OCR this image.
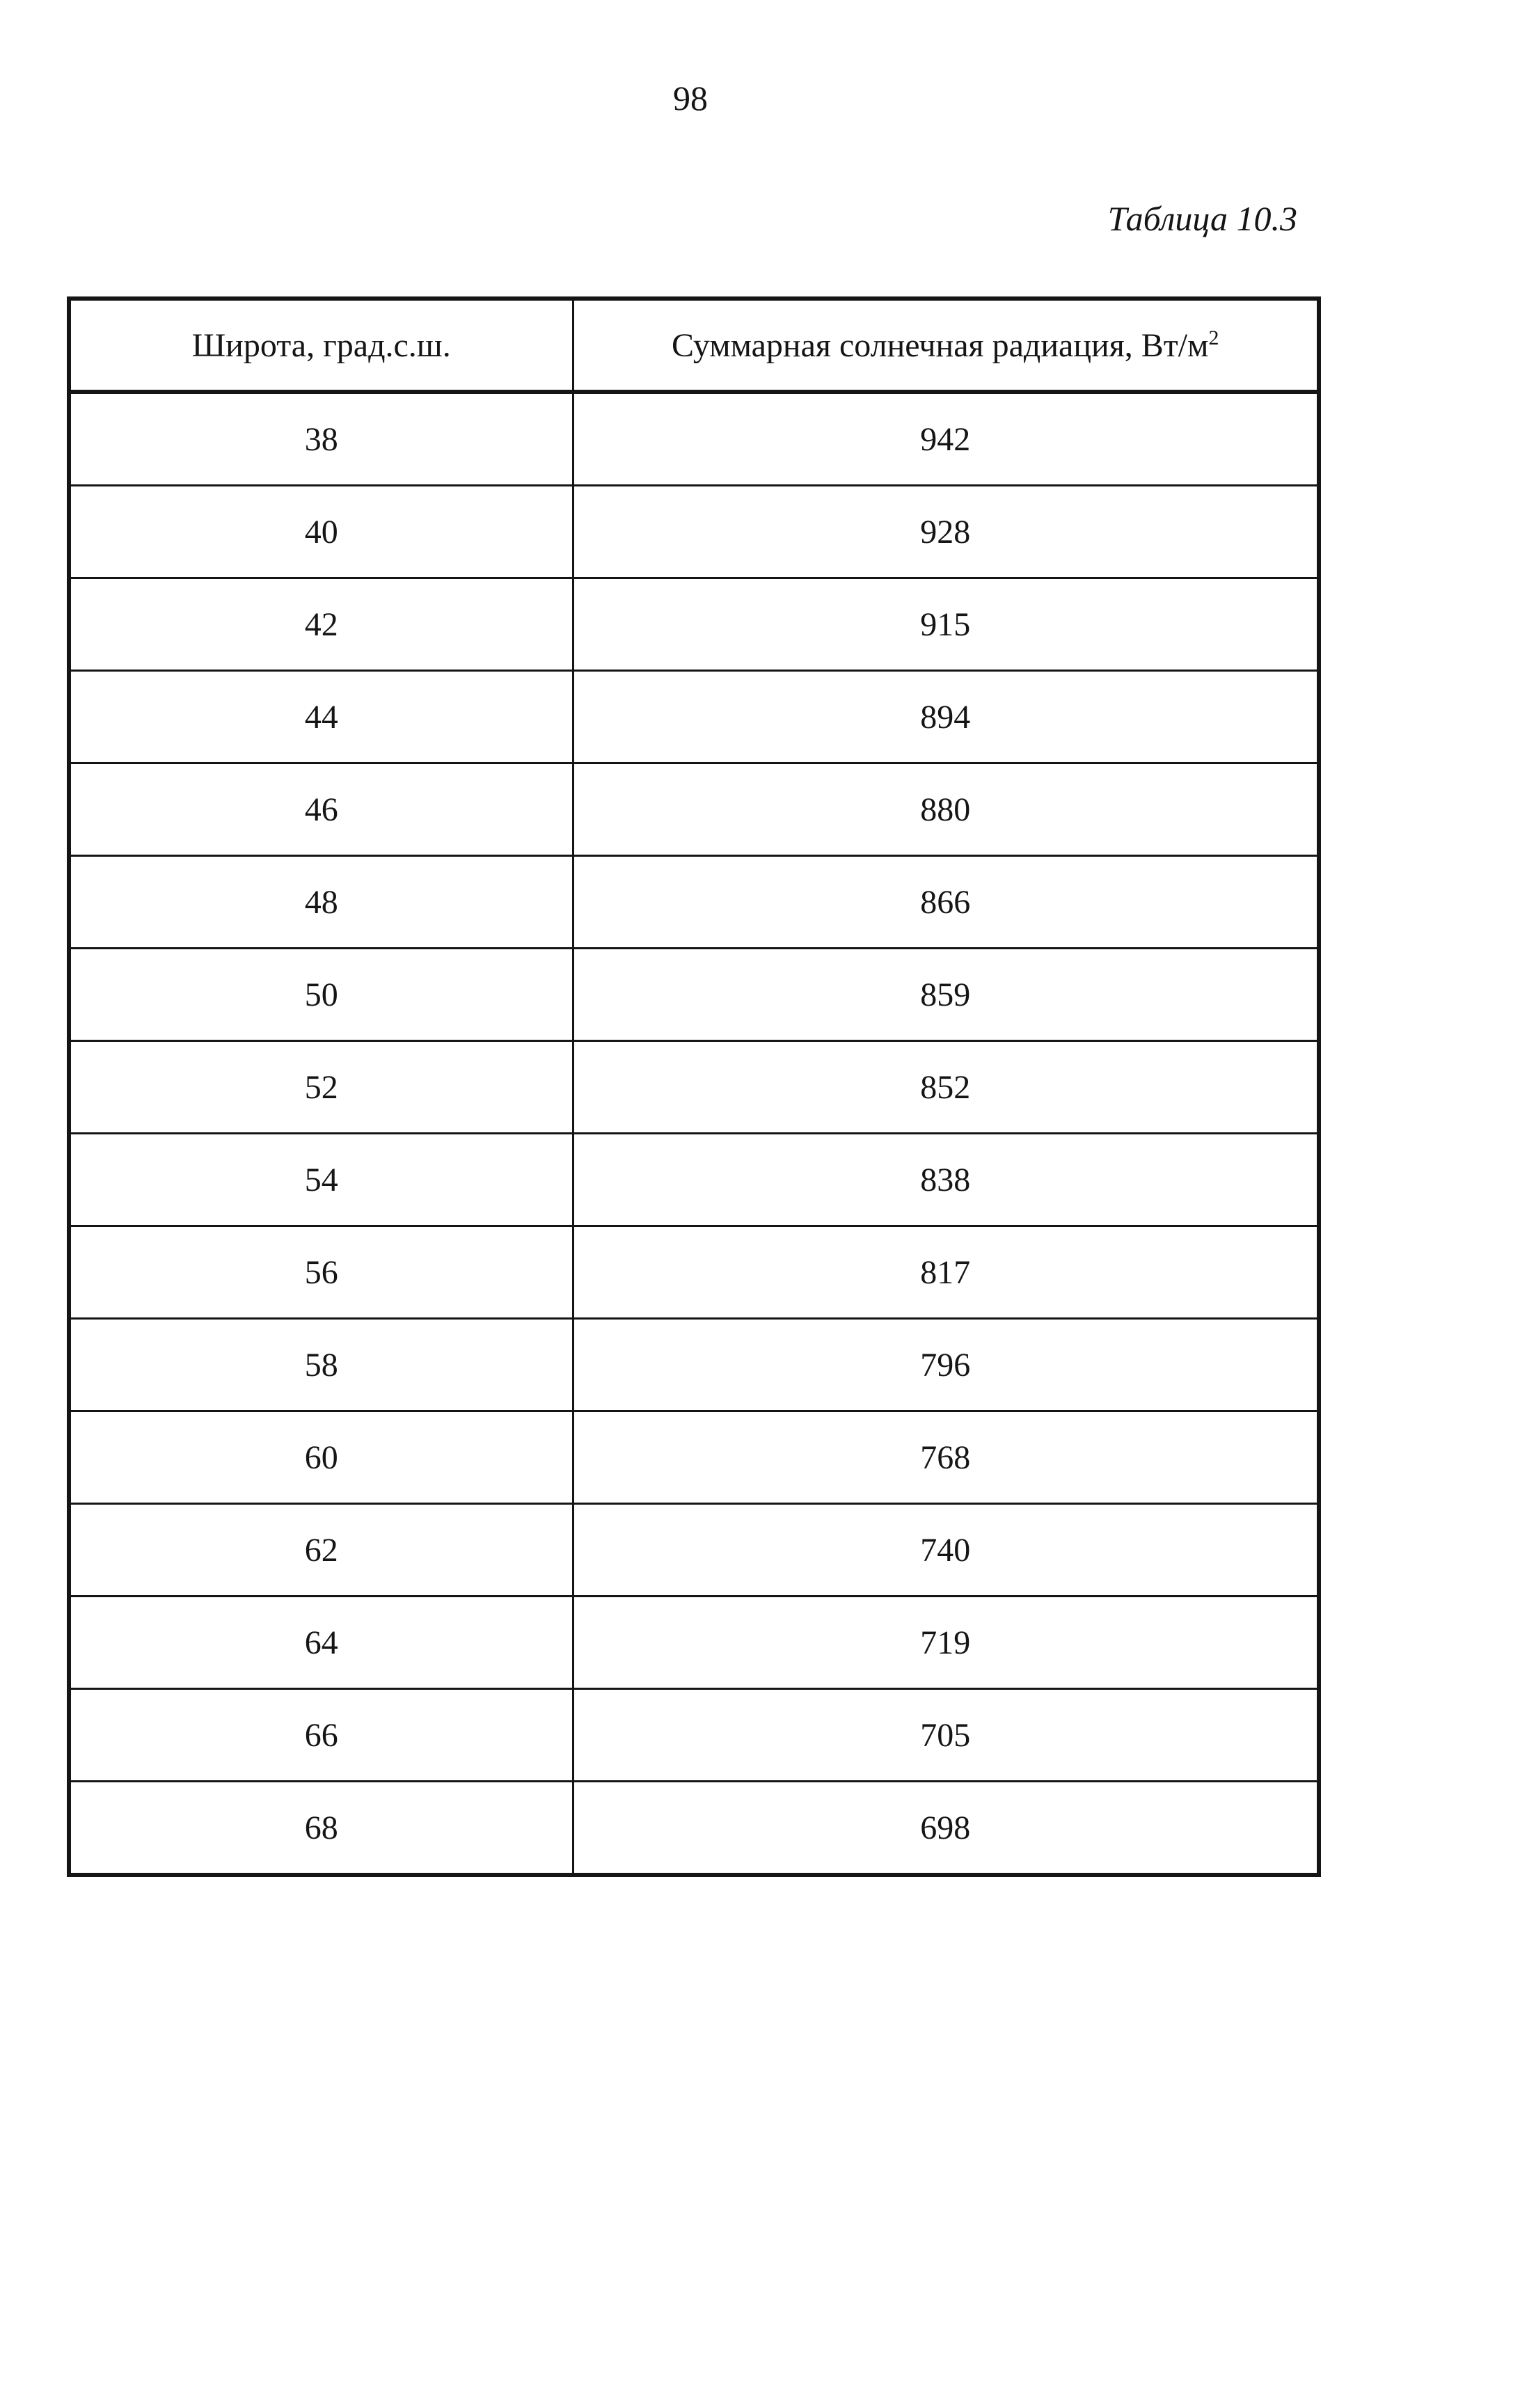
98
Таблица 10.3
Широта, град.с.ш.	Суммарная солнечная радиация, $Вт/м^2$
38	942
40	928
42	915
44	894
46	880
48	866
50	859
52	852
54	838
56	817
58	796
60	768
62	740
64	719
66	705
68	698
